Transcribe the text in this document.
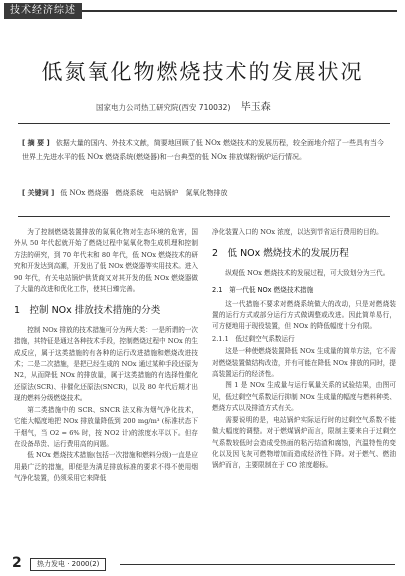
技术经济综述
低氮氧化物燃烧技术的发展状况
国家电力公司热工研究院(西安 710032) 毕玉森
[ 摘 要 ] 依据大量的国内、外技术文献，简要地回顾了低 NOx 燃烧技术的发展历程，较全面地介绍了一些具有当今世界上先进水平的低 NOx 燃烧系统(燃烧器)和一台典型的低 NOx 排放煤粉锅炉运行情况。
[ 关键词 ] 低 NOx 燃烧器　燃烧系统　电站锅炉　氮氧化物排放

为了控制燃烧装置排放的氮氧化物对生态环境的危害，国外从 50 年代起就开始了燃烧过程中氮氧化物生成机理和控制方法的研究，到 70 年代末和 80 年代，低 NOx 燃烧技术的研究和开发达到高潮，开发出了低 NOx 燃烧器等实用技术。进入 90 年代，有关电站锅炉供货商又对其开发的低 NOx 燃烧器做了大量的改进和优化工作，使其日臻完善。

1　控制 NOx 排放技术措施的分类

控制 NOx 排放的技术措施可分为两大类：一是所谓的一次措施，其特征是通过各种技术手段，控制燃烧过程中 NOx 的生成反应，属于这类措施的有各种的运行改进措施和燃烧改进技术；二是二次措施，是把已经生成的 NOx 通过某种手段还原为 N2，从而降低 NOx 的排放量，属于这类措施的有选择性催化还原法(SCR)、非催化还原法(SNCR)，以及 80 年代后期才出现的燃料分级燃烧技术。

第二类措施中的 SCR、SNCR 法又称为烟气净化技术，它能大幅度地把 NOx 排放量降低到 200 mg/m³ (标准状态下干烟气，当 O2 = 6% 时，按 NO2 计)的浓度水平以下。但存在设备昂贵、运行费用高的问题。

低 NOx 燃烧技术措施(包括一次措施和燃料分级)一直是应用最广泛的措施，即便是为满足排放标准的要求不得不使用烟气净化装置，仍须采用它来降低

净化装置入口的 NOx 浓度，以达到节省运行费用的目的。

2　低 NOx 燃烧技术的发展历程

纵观低 NOx 燃烧技术的发展过程，可大致划分为三代。

2.1　第一代低 NOx 燃烧技术措施

这一代措施不要求对燃烧系统做大的改动，只是对燃烧装置的运行方式或部分运行方式做调整或改进。因此简单易行，可方便地用于现役装置，但 NOx 的降低幅度十分有限。

2.1.1　低过剩空气系数运行

这是一种使燃烧装置降低 NOx 生成量的简单方法，它不需对燃烧装置做结构改造，并有可能在降低 NOx 排放的同时，提高装置运行的经济性。

图 1 是 NOx 生成量与运行氧量关系的试验结果，由图可见，低过剩空气系数运行抑制 NOx 生成量的幅度与燃料种类、燃烧方式以及排渣方式有关。

需要说明的是，电站锅炉实际运行时的过剩空气系数不能做大幅度的调整。对于燃煤锅炉而言，限制主要来自于过剩空气系数较低时会造成受热面的粘污结渣和腐蚀，汽温特性的变化以及因飞灰可燃物增加而造成经济性下降。对于燃气、燃油锅炉而言，主要限制在于 CO 浓度超标。

2	热力发电 · 2000(2)
